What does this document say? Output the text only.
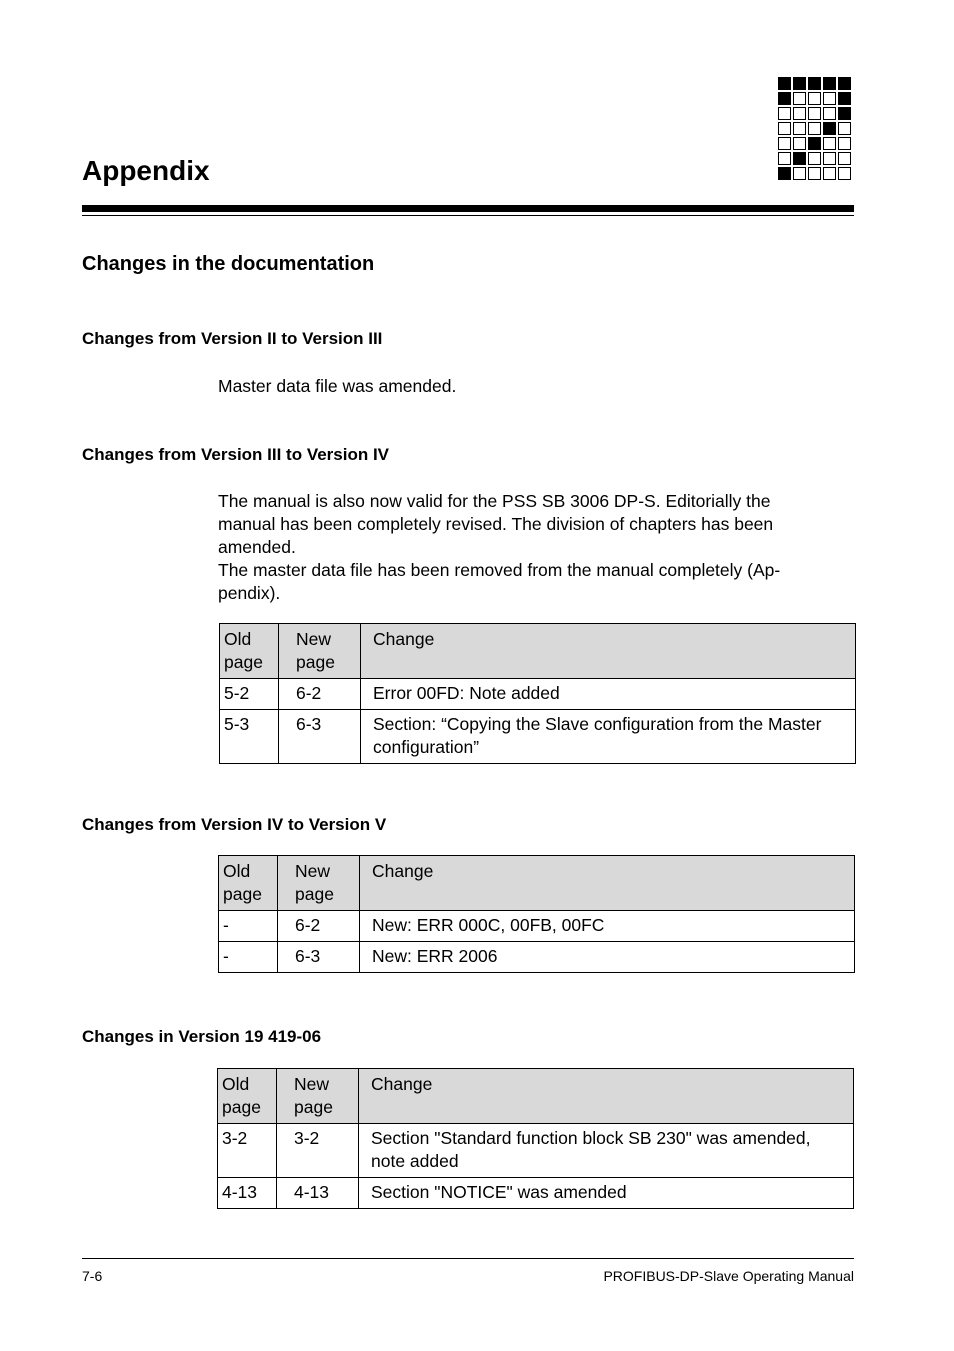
Appendix
Changes in the documentation
Changes from Version II to Version III
Master data file was amended.
Changes from Version III to Version IV
The manual is also now valid for the PSS SB 3006 DP-S. Editorially the
manual has been completely revised. The division of chapters has been
amended.
The master data file has been removed from the manual completely (Ap-
pendix).
Old page	New page	Change
5-2	6-2	Error 00FD: Note added
5-3	6-3	Section: “Copying the Slave configuration from the Master configuration”
Changes from Version IV to Version V
Old page	New page	Change
-	6-2	New: ERR 000C, 00FB, 00FC
-	6-3	New: ERR 2006
Changes in Version 19 419-06
Old page	New page	Change
3-2	3-2	Section "Standard function block SB 230" was amended, note added
4-13	4-13	Section "NOTICE" was amended
7-6	PROFIBUS-DP-Slave Operating Manual
